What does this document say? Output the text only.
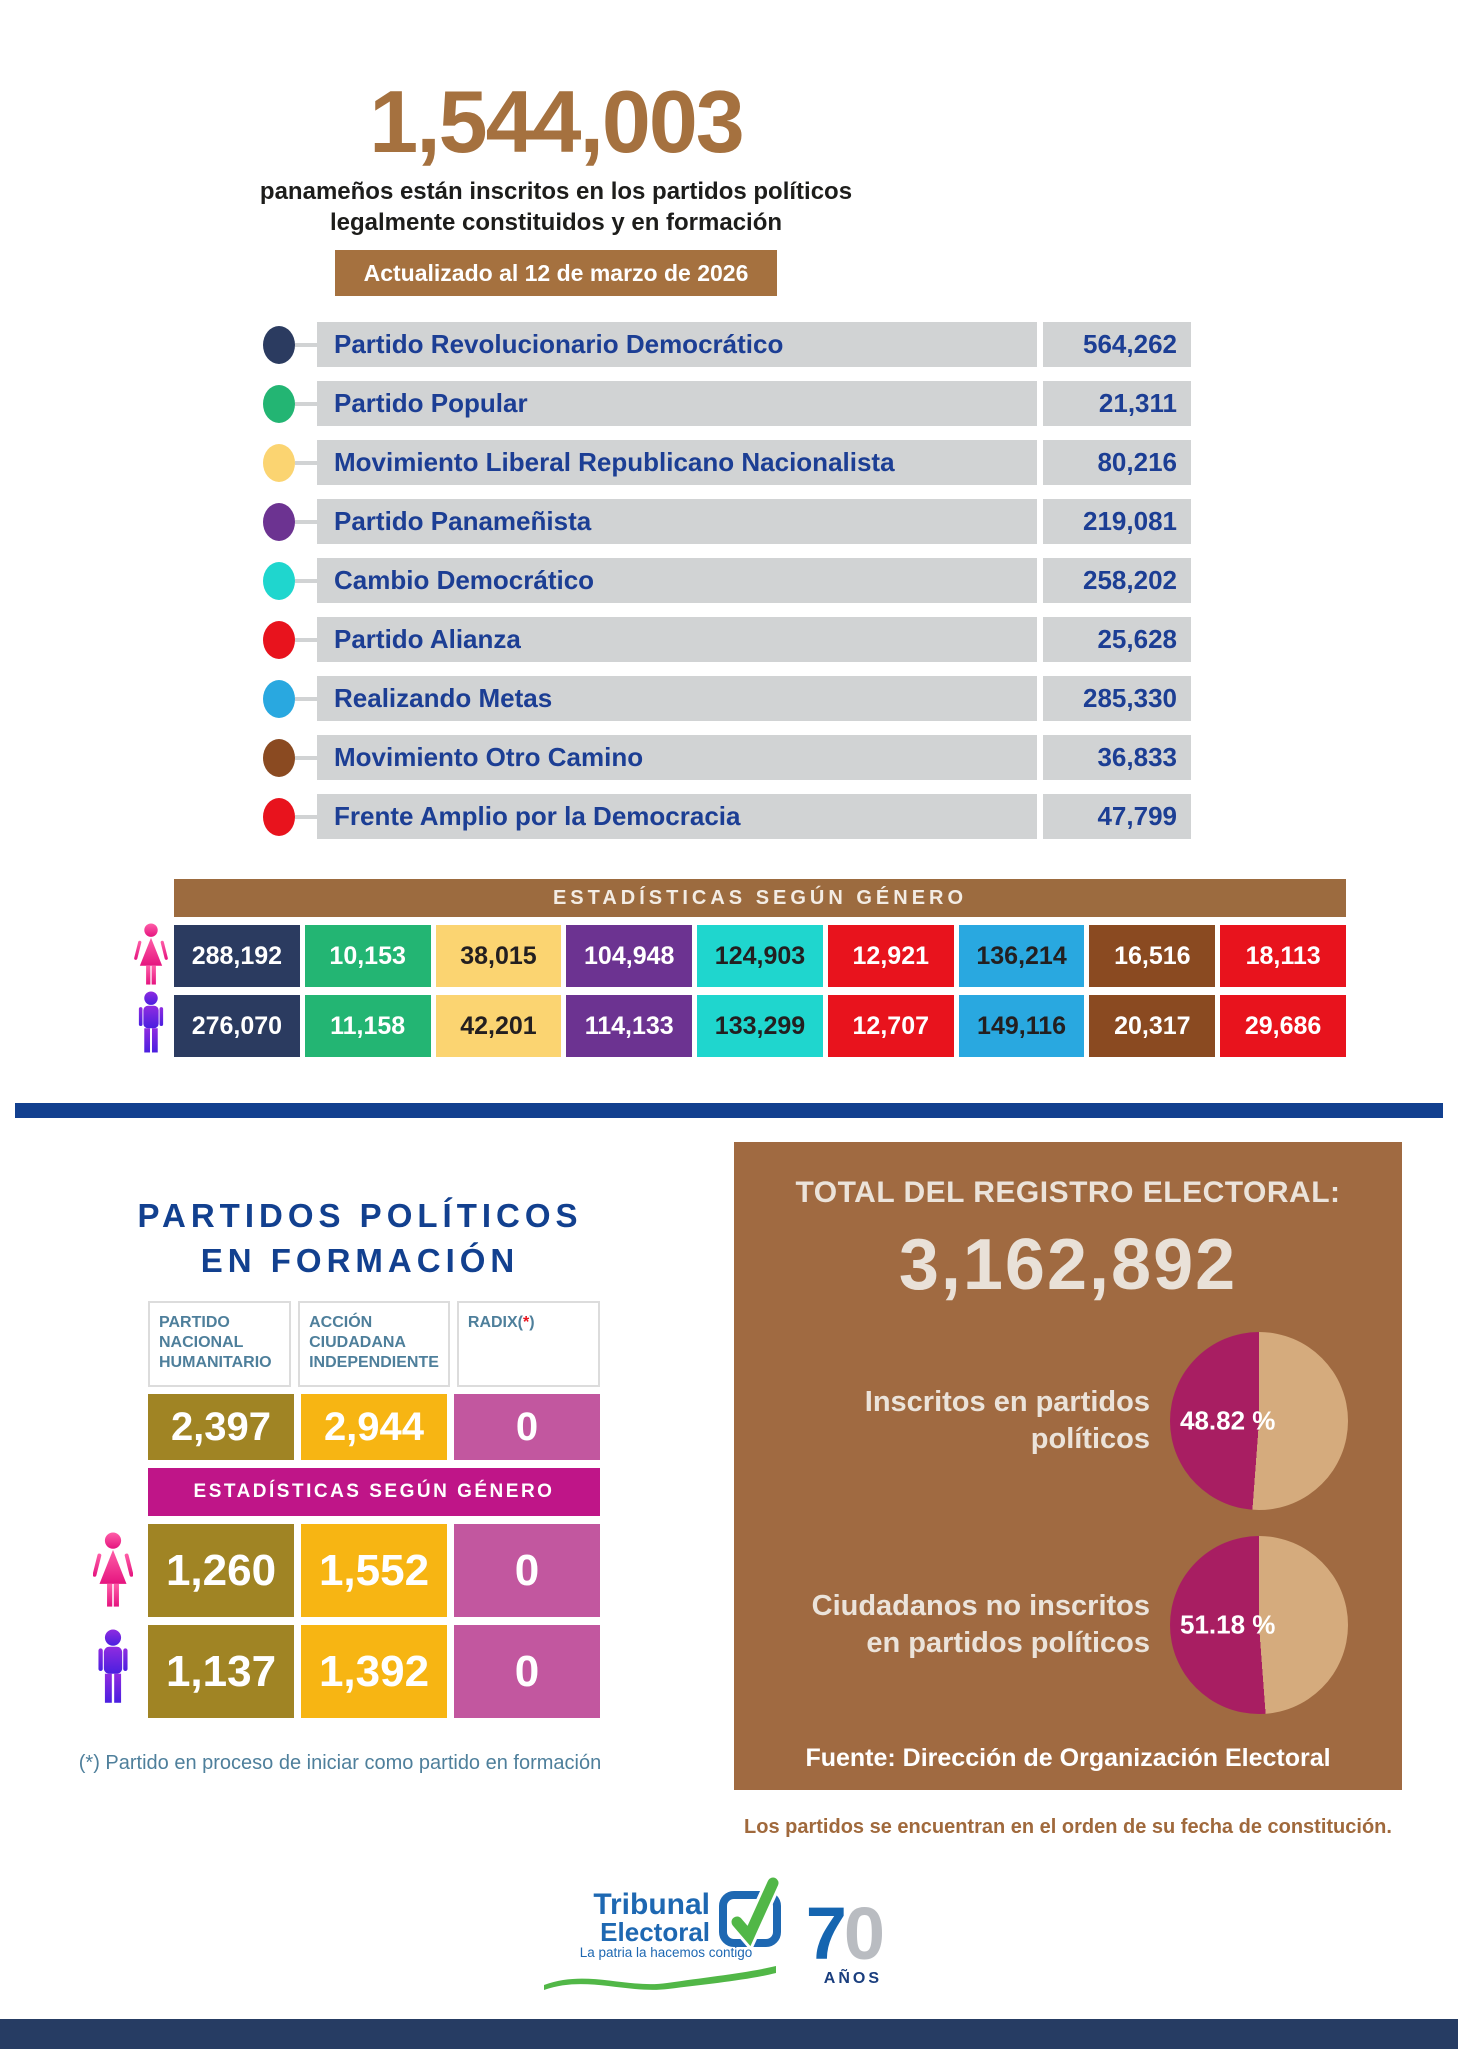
1,544,003
panameños están inscritos en los partidos políticos
legalmente constituidos y en formación
Actualizado al 12 de marzo de 2026
Partido Revolucionario Democrático	564,262
Partido Popular	21,311
Movimiento Liberal Republicano Nacionalista	80,216
Partido Panameñista	219,081
Cambio Democrático	258,202
Partido Alianza	25,628
Realizando Metas	285,330
Movimiento Otro Camino	36,833
Frente Amplio por la Democracia	47,799
ESTADÍSTICAS SEGÚN GÉNERO
288,192	10,153	38,015	104,948	124,903	12,921	136,214	16,516	18,113
276,070	11,158	42,201	114,133	133,299	12,707	149,116	20,317	29,686
PARTIDOS POLÍTICOS
EN FORMACIÓN
PARTIDO NACIONAL HUMANITARIO
ACCIÓN CIUDADANA INDEPENDIENTE
RADIX(*)
2,397	2,944	0
ESTADÍSTICAS SEGÚN GÉNERO
1,260 1,552	0
1,137 1,392	0
(*) Partido en proceso de iniciar como partido en formación
TOTAL DEL REGISTRO ELECTORAL:
3,162,892
Inscritos en partidos políticos
48.82 %
Ciudadanos no inscritos en partidos políticos
51.18 %
Fuente: Dirección de Organización Electoral
Los partidos se encuentran en el orden de su fecha de constitución.
Tribunal
Electoral
La patria la hacemos contigo 70
AÑOS
